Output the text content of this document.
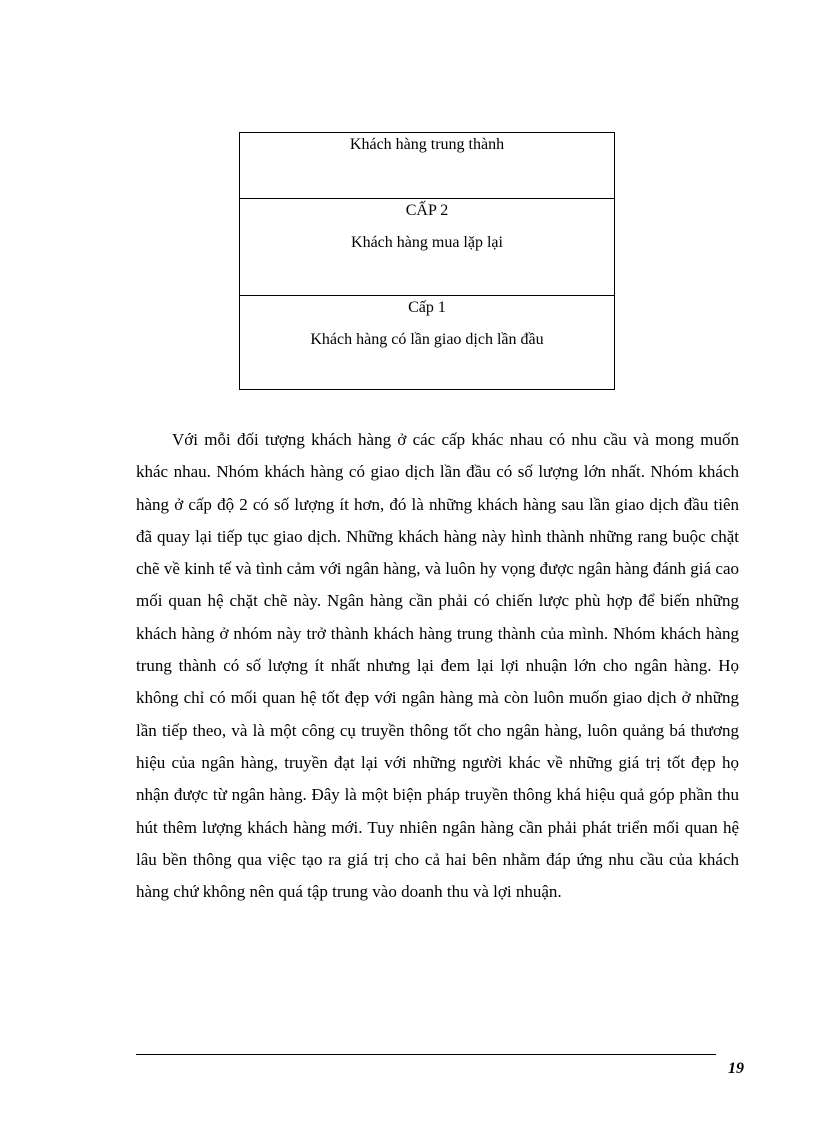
Khách hàng trung thành
CẤP 2
Khách hàng mua lặp lại
Cấp 1
Khách hàng có lần giao dịch lần đầu

Với mỗi đối tượng khách hàng ở các cấp khác nhau có nhu cầu và mong muốn khác nhau. Nhóm khách hàng có giao dịch lần đầu có số lượng lớn nhất. Nhóm khách hàng ở cấp độ 2 có số lượng ít hơn, đó là những khách hàng sau lần giao dịch đầu tiên đã quay lại tiếp tục giao dịch. Những khách hàng này hình thành những rang buộc chặt chẽ về kinh tế và tình cảm với ngân hàng, và luôn hy vọng được ngân hàng đánh giá cao mối quan hệ chặt chẽ này. Ngân hàng cần phải có chiến lược phù hợp để biến những khách hàng ở nhóm này trở thành khách hàng trung thành của mình. Nhóm khách hàng trung thành có số lượng ít nhất nhưng lại đem lại lợi nhuận lớn cho ngân hàng. Họ không chỉ có mối quan hệ tốt đẹp với ngân hàng mà còn luôn muốn giao dịch ở những lần tiếp theo, và là một công cụ truyền thông tốt cho ngân hàng, luôn quảng bá thương hiệu của ngân hàng, truyền đạt lại với những người khác về những giá trị tốt đẹp họ nhận được từ ngân hàng. Đây là một biện pháp truyền thông khá hiệu quả góp phần thu hút thêm lượng khách hàng mới. Tuy nhiên ngân hàng cần phải phát triển mối quan hệ lâu bền thông qua việc tạo ra giá trị cho cả hai bên nhằm đáp ứng nhu cầu của khách hàng chứ không nên quá tập trung vào doanh thu và lợi nhuận.

19
